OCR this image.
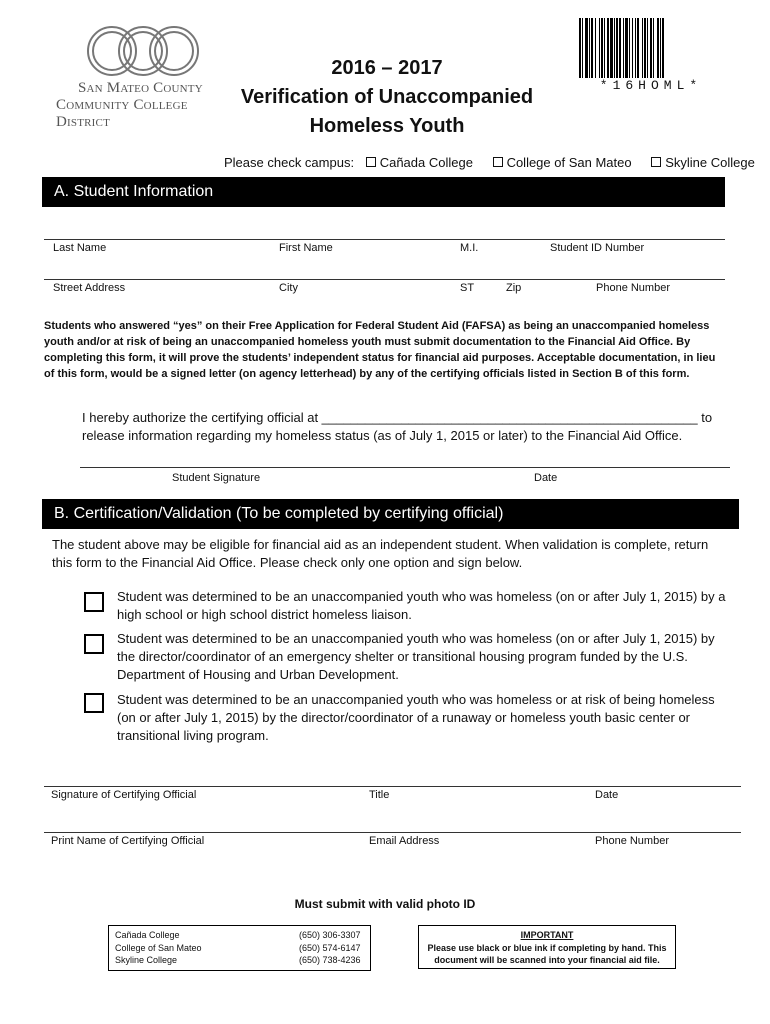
San Mateo County
Community College District
2016 – 2017
Verification of Unaccompanied
Homeless Youth
*16HOML*
Please check campus: Cañada College	College of San Mateo	Skyline College
A. Student Information
Last Name	First Name	M.I.	Student ID Number
Street Address	City	ST	Zip	Phone Number
Students who answered “yes” on their Free Application for Federal Student Aid (FAFSA) as being an unaccompanied homeless youth and/or at risk of being an unaccompanied homeless youth must submit documentation to the Financial Aid Office. By completing this form, it will prove the students’ independent status for financial aid purposes. Acceptable documentation, in lieu of this form, would be a signed letter (on agency letterhead) by any of the certifying officials listed in Section B of this form.
I hereby authorize the certifying official at ____________________________________________________ to release information regarding my homeless status (as of July 1, 2015 or later) to the Financial Aid Office.
Student Signature	Date
B. Certification/Validation (To be completed by certifying official)
The student above may be eligible for financial aid as an independent student. When validation is complete, return this form to the Financial Aid Office. Please check only one option and sign below.
Student was determined to be an unaccompanied youth who was homeless (on or after July 1, 2015) by a high school or high school district homeless liaison.
Student was determined to be an unaccompanied youth who was homeless (on or after July 1, 2015) by the director/coordinator of an emergency shelter or transitional housing program funded by the U.S. Department of Housing and Urban Development.
Student was determined to be an unaccompanied youth who was homeless or at risk of being homeless (on or after July 1, 2015) by the director/coordinator of a runaway or homeless youth basic center or transitional living program.
Signature of Certifying Official	Title	Date
Print Name of Certifying Official	Email Address	Phone Number
Must submit with valid photo ID
Cañada College	(650) 306-3307
College of San Mateo	(650) 574-6147
Skyline College	(650) 738-4236
IMPORTANT
Please use black or blue ink if completing by hand. This
document will be scanned into your financial aid file.
